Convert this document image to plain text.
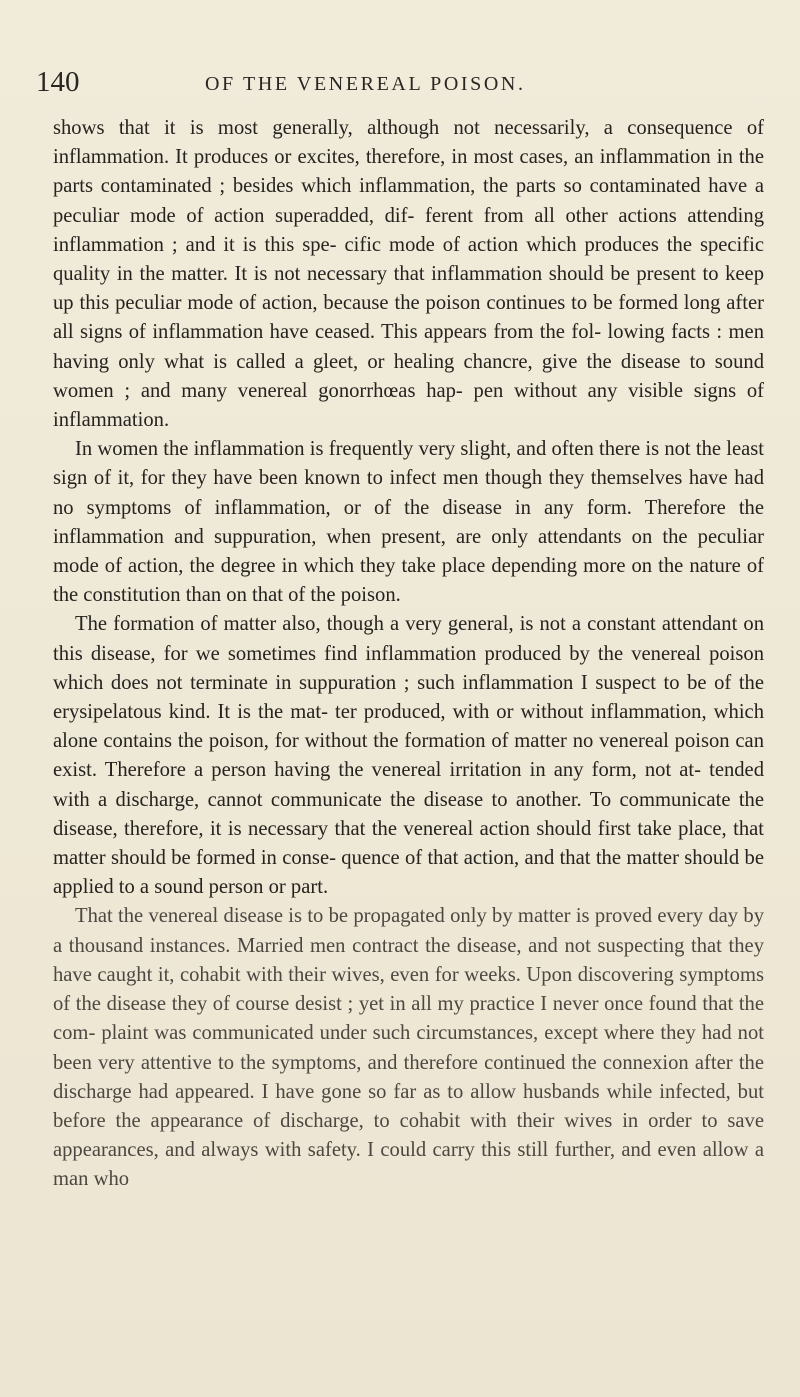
140	OF THE VENEREAL POISON.

shows that it is most generally, although not necessarily, a consequence of inflammation. It produces or excites, therefore, in most cases, an inflammation in the parts contaminated ; besides which inflammation, the parts so contaminated have a peculiar mode of action superadded, dif- ferent from all other actions attending inflammation ; and it is this spe- cific mode of action which produces the specific quality in the matter. It is not necessary that inflammation should be present to keep up this peculiar mode of action, because the poison continues to be formed long after all signs of inflammation have ceased. This appears from the fol- lowing facts : men having only what is called a gleet, or healing chancre, give the disease to sound women ; and many venereal gonorrhœas hap- pen without any visible signs of inflammation.

In women the inflammation is frequently very slight, and often there is not the least sign of it, for they have been known to infect men though they themselves have had no symptoms of inflammation, or of the disease in any form. Therefore the inflammation and suppuration, when present, are only attendants on the peculiar mode of action, the degree in which they take place depending more on the nature of the constitution than on that of the poison.

The formation of matter also, though a very general, is not a constant attendant on this disease, for we sometimes find inflammation produced by the venereal poison which does not terminate in suppuration ; such inflammation I suspect to be of the erysipelatous kind. It is the mat- ter produced, with or without inflammation, which alone contains the poison, for without the formation of matter no venereal poison can exist. Therefore a person having the venereal irritation in any form, not at- tended with a discharge, cannot communicate the disease to another. To communicate the disease, therefore, it is necessary that the venereal action should first take place, that matter should be formed in conse- quence of that action, and that the matter should be applied to a sound person or part.

That the venereal disease is to be propagated only by matter is proved every day by a thousand instances. Married men contract the disease, and not suspecting that they have caught it, cohabit with their wives, even for weeks. Upon discovering symptoms of the disease they of course desist ; yet in all my practice I never once found that the com- plaint was communicated under such circumstances, except where they had not been very attentive to the symptoms, and therefore continued the connexion after the discharge had appeared. I have gone so far as to allow husbands while infected, but before the appearance of discharge, to cohabit with their wives in order to save appearances, and always with safety. I could carry this still further, and even allow a man who
